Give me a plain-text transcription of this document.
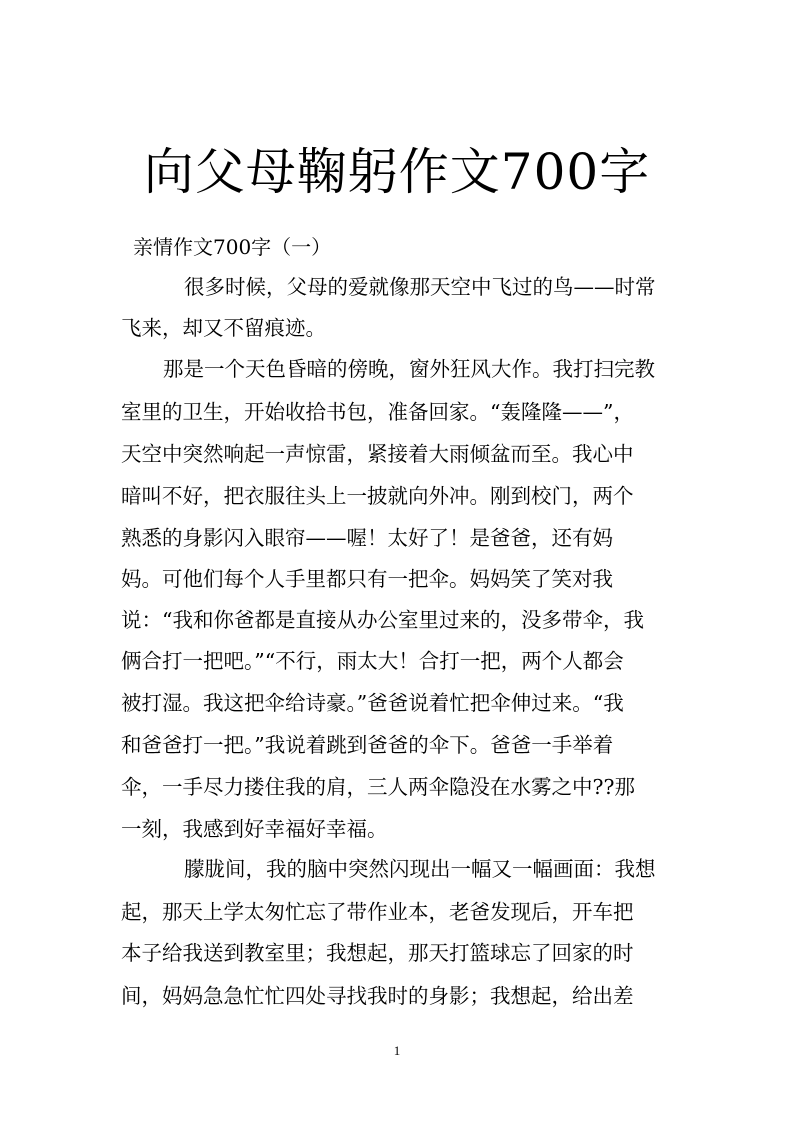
向父母鞠躬作文700字
亲情作文700字（一）
很多时候，父母的爱就像那天空中飞过的鸟——时常
飞来，却又不留痕迹。
那是一个天色昏暗的傍晚，窗外狂风大作。我打扫完教
室里的卫生，开始收拾书包，准备回家。“轰隆隆——”，
天空中突然响起一声惊雷，紧接着大雨倾盆而至。我心中
暗叫不好，把衣服往头上一披就向外冲。刚到校门，两个
熟悉的身影闪入眼帘——喔！太好了！是爸爸，还有妈
妈。可他们每个人手里都只有一把伞。妈妈笑了笑对我
说：“我和你爸都是直接从办公室里过来的，没多带伞，我
俩合打一把吧。”“不行，雨太大！合打一把，两个人都会
被打湿。我这把伞给诗豪。”爸爸说着忙把伞伸过来。“我
和爸爸打一把。”我说着跳到爸爸的伞下。爸爸一手举着
伞，一手尽力搂住我的肩，三人两伞隐没在水雾之中??那
一刻，我感到好幸福好幸福。
朦胧间，我的脑中突然闪现出一幅又一幅画面：我想
起，那天上学太匆忙忘了带作业本，老爸发现后，开车把
本子给我送到教室里；我想起，那天打篮球忘了回家的时
间，妈妈急急忙忙四处寻找我时的身影；我想起，给出差
1
